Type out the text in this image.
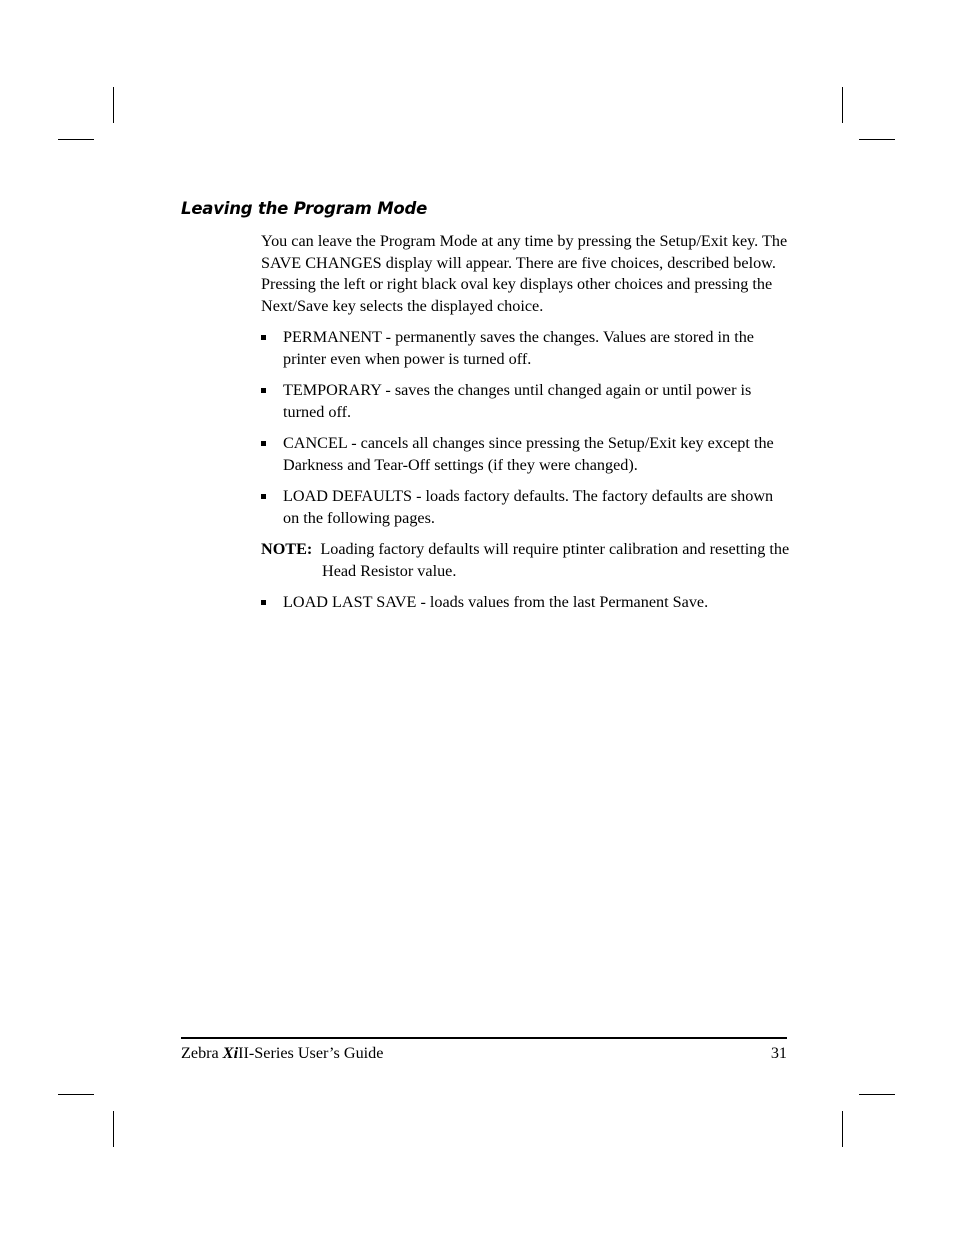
Leaving the Program Mode

You can leave the Program Mode at any time by pressing the Setup/Exit key. The SAVE CHANGES display will appear. There are five choices, described below. Pressing the left or right black oval key displays other choices and pressing the Next/Save key selects the displayed choice.

PERMANENT - permanently saves the changes. Values are stored in the printer even when power is turned off.
TEMPORARY - saves the changes until changed again or until power is turned off.
CANCEL - cancels all changes since pressing the Setup/Exit key except the Darkness and Tear-Off settings (if they were changed).
LOAD DEFAULTS - loads factory defaults. The factory defaults are shown on the following pages.

NOTE: Loading factory defaults will require ptinter calibration and resetting the Head Resistor value.

LOAD LAST SAVE - loads values from the last Permanent Save.
Zebra XiII-Series User’s Guide	31
